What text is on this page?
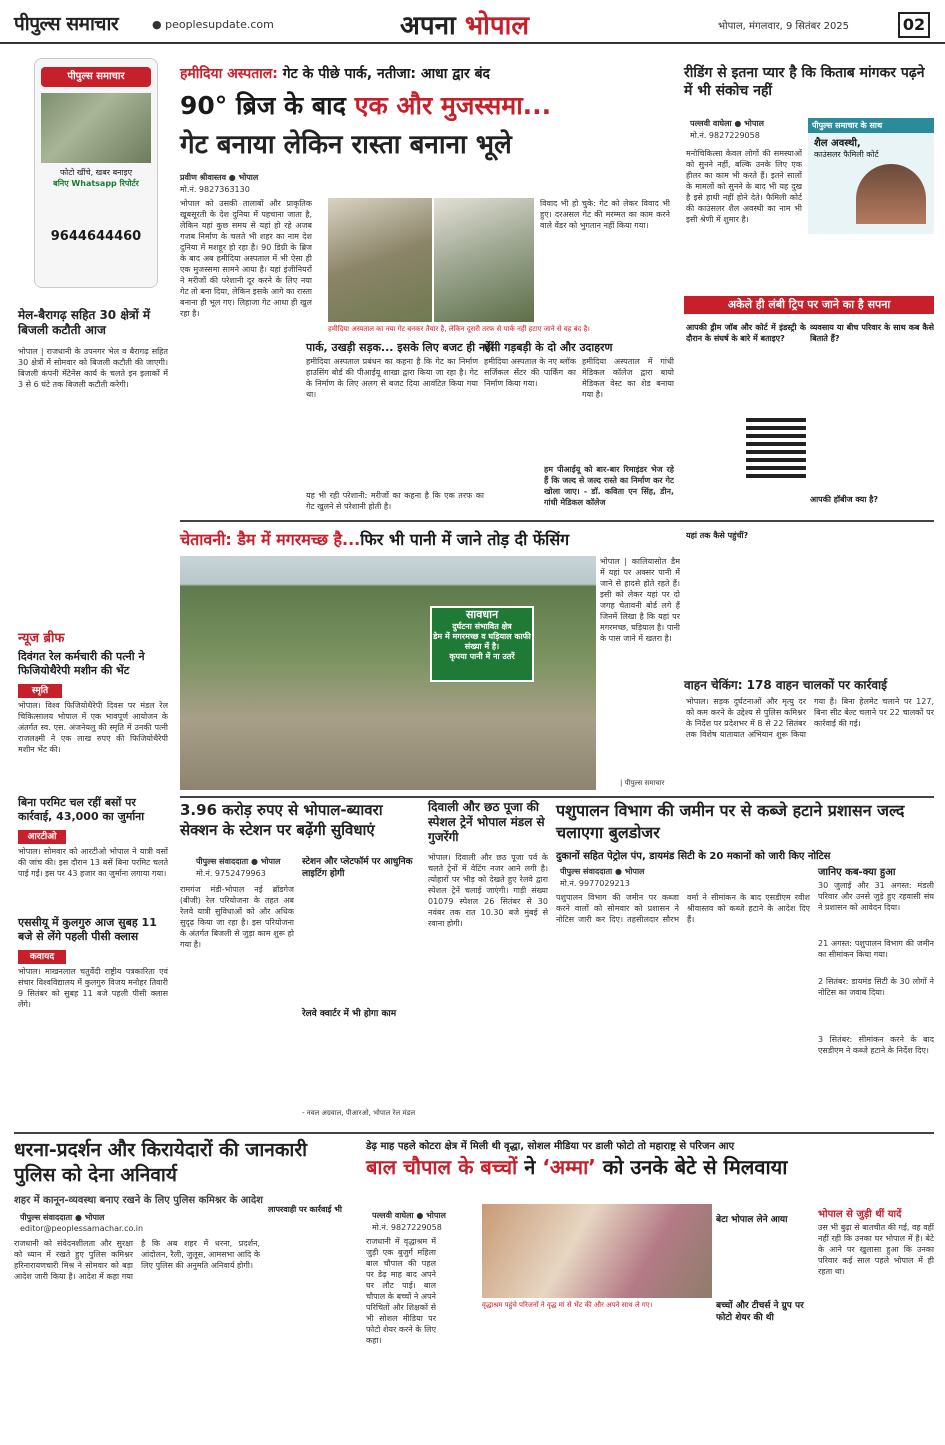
पीपुल्स समाचार	● peoplesupdate.com	अपना भोपाल	भोपाल, मंगलवार, 9 सितंबर 2025	02
पीपुल्स समाचार
फोटो खींचे, खबर बनाइए
बनिए Whatsapp रिपोर्टर
9644644460
मेल-बैरागढ़ सहित 30 क्षेत्रों में बिजली कटौती आज
भोपाल | राजधानी के उपनगर भेल व बैरागढ़ सहित 30 क्षेत्रों में सोमवार को बिजली कटौती की जाएगी। बिजली कंपनी मेंटेनेंस कार्य के चलते इन इलाकों में 3 से 6 घंटे तक बिजली कटौती करेगी।
न्यूज ब्रीफ
दिवंगत रेल कर्मचारी की पत्नी ने फिजियोथैरेपी मशीन की भेंट
स्मृति
भोपाल। विश्व फिजियोथैरेपी दिवस पर मंडल रेल चिकित्सालय भोपाल में एक भावपूर्ण आयोजन के अंतर्गत स्व. एस. अंजनेयलु की स्मृति में उनकी पत्नी राजलक्ष्मी ने एक लाख रुपए की फिजियोथैरेपी मशीन भेंट की।
बिना परमिट चल रहीं बसों पर कार्रवाई, 43,000 का जुर्माना
आरटीओ
भोपाल। सोमवार को आरटीओ भोपाल ने यात्री वसों की जांच की। इस दौरान 13 बसें बिना परमिट चलते पाई गईं। इस पर 43 हजार का जुर्माना लगाया गया।
एससीयू में कुलगुरु आज सुबह 11 बजे से लेंगे पहली पीसी क्लास
कवायद
भोपाल। माखनलाल चतुर्वेदी राष्ट्रीय पत्रकारिता एवं संचार विश्वविद्यालय में कुलगुरु विजय मनोहर तिवारी 9 सितंबर को सुबह 11 बजे पहली पीसी क्लास लेंगे।
हमीदिया अस्पताल: गेट के पीछे पार्क, नतीजा: आधा द्वार बंद
90° ब्रिज के बाद एक और मुजस्समा...
गेट बनाया लेकिन रास्ता बनाना भूले
प्रवीण श्रीवास्तव ● भोपाल
मो.नं. 9827363130
भोपाल को उसकी तालाबों और प्राकृतिक खूबसूरती के देश दुनिया में पहचाना जाता है, लेकिन यहां कुछ समय से यहां हो रहे अजब गजब निर्माण के चलते भी शहर का नाम देश दुनिया में मशहूर हो रहा है। 90 डिग्री के ब्रिज के बाद अब हमीदिया अस्पताल में भी ऐसा ही एक मुजस्समा सामने आया है। यहां इंजीनियरों ने मरीजों की परेशानी दूर करने के लिए नया गेट तो बना दिया, लेकिन इसके आगे का रास्ता बनाना ही भूल गए। लिहाजा गेट आधा ही खुल रहा है।
हमीदिया अस्पताल का नया गेट बनकर तैयार है, लेकिन दूसरी तरफ से पार्क नहीं हटाए जाने से वह बंद है।
विवाद भी हो चुके: गेट को लेकर विवाद भी हुए। दरअसल गेट की मरम्मत का काम करने वाले वेंडर को भुगतान नहीं किया गया।
पार्क, उखड़ी सड़क... इसके लिए बजट ही नहीं
हमीदिया अस्पताल प्रबंधन का कहना है कि गेट का निर्माण हाउसिंग बोर्ड की पीआईयू शाखा द्वारा किया जा रहा है। गेट के निर्माण के लिए अलग से बजट दिया आवंटित किया गया था।
ऐसी गड़बड़ी के दो और उदाहरण
हमीदिया अस्पताल के नए ब्लॉक सर्जिकल सेंटर की पार्किंग का निर्माण किया गया।
हमीदिया अस्पताल में गांधी मेडिकल कॉलेज द्वारा बायो मेडिकल वेस्ट का शेड बनाया गया है।
यह भी रही परेशानी: मरीजों का कहना है कि एक तरफ का गेट खुलने से परेशानी होती है।
हम पीआईयू को बार-बार रिमाइंडर भेज रहे हैं कि जल्द से जल्द रास्ते का निर्माण कर गेट खोला जाए। - डॉ. कविता एन सिंह, डीन, गांधी मेडिकल कॉलेज
रीडिंग से इतना प्यार है कि किताब मांगकर पढ़ने में भी संकोच नहीं
पल्लवी वाघेला ● भोपाल
मो.नं. 9827229058
पीपुल्स समाचार के साथ
शैल अवस्थी,
काउंसलर फैमिली कोर्ट
मनोचिकित्सा केवल लोगों की समस्याओं को सुनने नहीं, बल्कि उनके लिए एक हीलर का काम भी करते हैं। इतने सालों के मामलों को सुनने के बाद भी यह दुख है इसे हाथी नहीं होने देते। फैमिली कोर्ट की काउंसलर शैल अवस्थी का नाम भी इसी श्रेणी में शुमार है।
अकेले ही लंबी ट्रिप पर जाने का है सपना
आपकी ड्रीम जॉब और कोर्ट में इंडस्ट्री के दौरान के संघर्ष के बारे में बताइए?
व्यवसाय या बीच परिवार के साथ कब कैसे बिताते हैं?
आपकी हॉबीज क्या है?
यहां तक कैसे पहुंचीं?
चेतावनी: डैम में मगरमच्छ है...फिर भी पानी में जाने तोड़ दी फेंसिंग
सावधान
दुर्घटना संभावित क्षेत्र
डेम में मगरमच्छ व घड़ियाल काफी संख्या में है।
कृपया पानी में ना उतरें
भोपाल | कालियासोत डैम में यहां पर अक्सर पानी में जाने से हादसे होते रहते हैं। इसी को लेकर यहां पर दो जगह चेतावनी बोर्ड लगे हैं जिनमें लिखा है कि यहां पर मगरमच्छ, घड़ियाल है। पानी के पास जाने में खतरा है।
| पीपुल्स समाचार
वाहन चेकिंग: 178 वाहन चालकों पर कार्रवाई
भोपाल। सड़क दुर्घटनाओं और मृत्यु दर को कम करने के उद्देश्य से पुलिस कमिश्नर के निर्देश पर प्रदेशभर में 8 से 22 सितंबर तक विशेष यातायात अभियान शुरू किया गया है। बिना हेलमेट चलाने पर 127, बिना सीट बेल्ट चलाने पर 22 चालकों पर कार्रवाई की गई।
3.96 करोड़ रुपए से भोपाल-ब्यावरा सेक्शन के स्टेशन पर बढ़ेंगी सुविधाएं
पीपुल्स संवाददाता ● भोपाल
मो.नं. 9752479963
रामगंज मंडी-भोपाल नई ब्रॉडगेज (बीजी) रेल परियोजना के तहत अब रेलवे यात्री सुविधाओं को और अधिक सुदृढ़ किया जा रहा है। इस परियोजना के अंतर्गत बिजली से जुड़ा काम शुरू हो गया है।
स्टेशन और प्लेटफॉर्म पर आधुनिक लाइटिंग होगी
रेलवे क्वार्टर में भी होगा काम
- नवल अग्रवाल, पीआरओ, भोपाल रेल मंडल
दिवाली और छठ पूजा की स्पेशल ट्रेनें भोपाल मंडल से गुजरेंगी
भोपाल। दिवाली और छठ पूजा पर्व के चलते ट्रेनों में वेटिंग नजर आने लगी है। त्योहारों पर भीड़ को देखते हुए रेलवे द्वारा स्पेशल ट्रेनें चलाई जाएंगी। गाड़ी संख्या 01079 स्पेशल 26 सितंबर से 30 नवंबर तक रात 10.30 बजे मुंबई से रवाना होगी।
पशुपालन विभाग की जमीन पर से कब्जे हटाने प्रशासन जल्द चलाएगा बुलडोजर
दुकानों सहित पेट्रोल पंप, डायमंड सिटी के 20 मकानों को जारी किए नोटिस
पीपुल्स संवाददाता ● भोपाल
मो.नं. 9977029213
पशुपालन विभाग की जमीन पर कब्जा करने वालों को सोमवार को प्रशासन ने नोटिस जारी कर दिए। तहसीलदार सौरभ वर्मा ने सीमांकन के बाद एसडीएम रवीश श्रीवास्तव को कब्जे हटाने के आदेश दिए हैं।
जानिए कब-क्या हुआ
30 जुलाई और 31 अगस्त: मंडली परिवार और उनसे जुड़े हुए रहवासी संघ ने प्रशासन को आवेदन दिया।
21 अगस्त: पशुपालन विभाग की जमीन का सीमांकन किया गया।
2 सितंबर: डायमंड सिटी के 30 लोगों ने नोटिस का जवाब दिया।
3 सितंबर: सीमांकन करने के बाद एसडीएम ने कब्जे हटाने के निर्देश दिए।
धरना-प्रदर्शन और किरायेदारों की जानकारी पुलिस को देना अनिवार्य
शहर में कानून-व्यवस्था बनाए रखने के लिए पुलिस कमिश्नर के आदेश
पीपुल्स संवाददाता ● भोपाल
editor@peoplessamachar.co.in
राजधानी को संवेदनशीलता और सुरक्षा को ध्यान में रखते हुए पुलिस कमिश्नर हरिनारायणचारी मिश्र ने सोमवार को बड़ा आदेश जारी किया है। आदेश में कहा गया है कि अब शहर में धरना, प्रदर्शन, आंदोलन, रैली, जुलूस, आमसभा आदि के लिए पुलिस की अनुमति अनिवार्य होगी।
लापरवाही पर कार्रवाई भी
डेढ़ माह पहले कोटरा क्षेत्र में मिली थी वृद्धा, सोशल मीडिया पर डाली फोटो तो महाराष्ट्र से परिजन आए
बाल चौपाल के बच्चों ने ‘अम्मा’ को उनके बेटे से मिलवाया
पल्लवी वाघेला ● भोपाल
मो.नं. 9827229058
राजधानी में वृद्धाश्रम में जुड़ी एक बुजुर्ग महिला बाल चौपाल की पहल पर डेढ़ माह बाद अपने घर लौट पाई। बाल चौपाल के बच्चों ने अपने परिचितों और शिक्षकों से भी सोशल मीडिया पर फोटो शेयर करने के लिए कहा।
वृद्धाश्रम पहुंचे परिजनों ने वृद्ध मां से भेंट की और अपने साथ ले गए।
बेटा भोपाल लेने आया
बच्चों और टीचर्स ने ग्रुप पर फोटो शेयर की थी
भोपाल से जुड़ी थीं यादें
उस भी बुढ़ा से बातचीत की गई, वह वहीं नहीं रही कि उनका घर भोपाल में है। बेटे के आने पर खुलासा हुआ कि उनका परिवार कई साल पहले भोपाल में ही रहता था।
